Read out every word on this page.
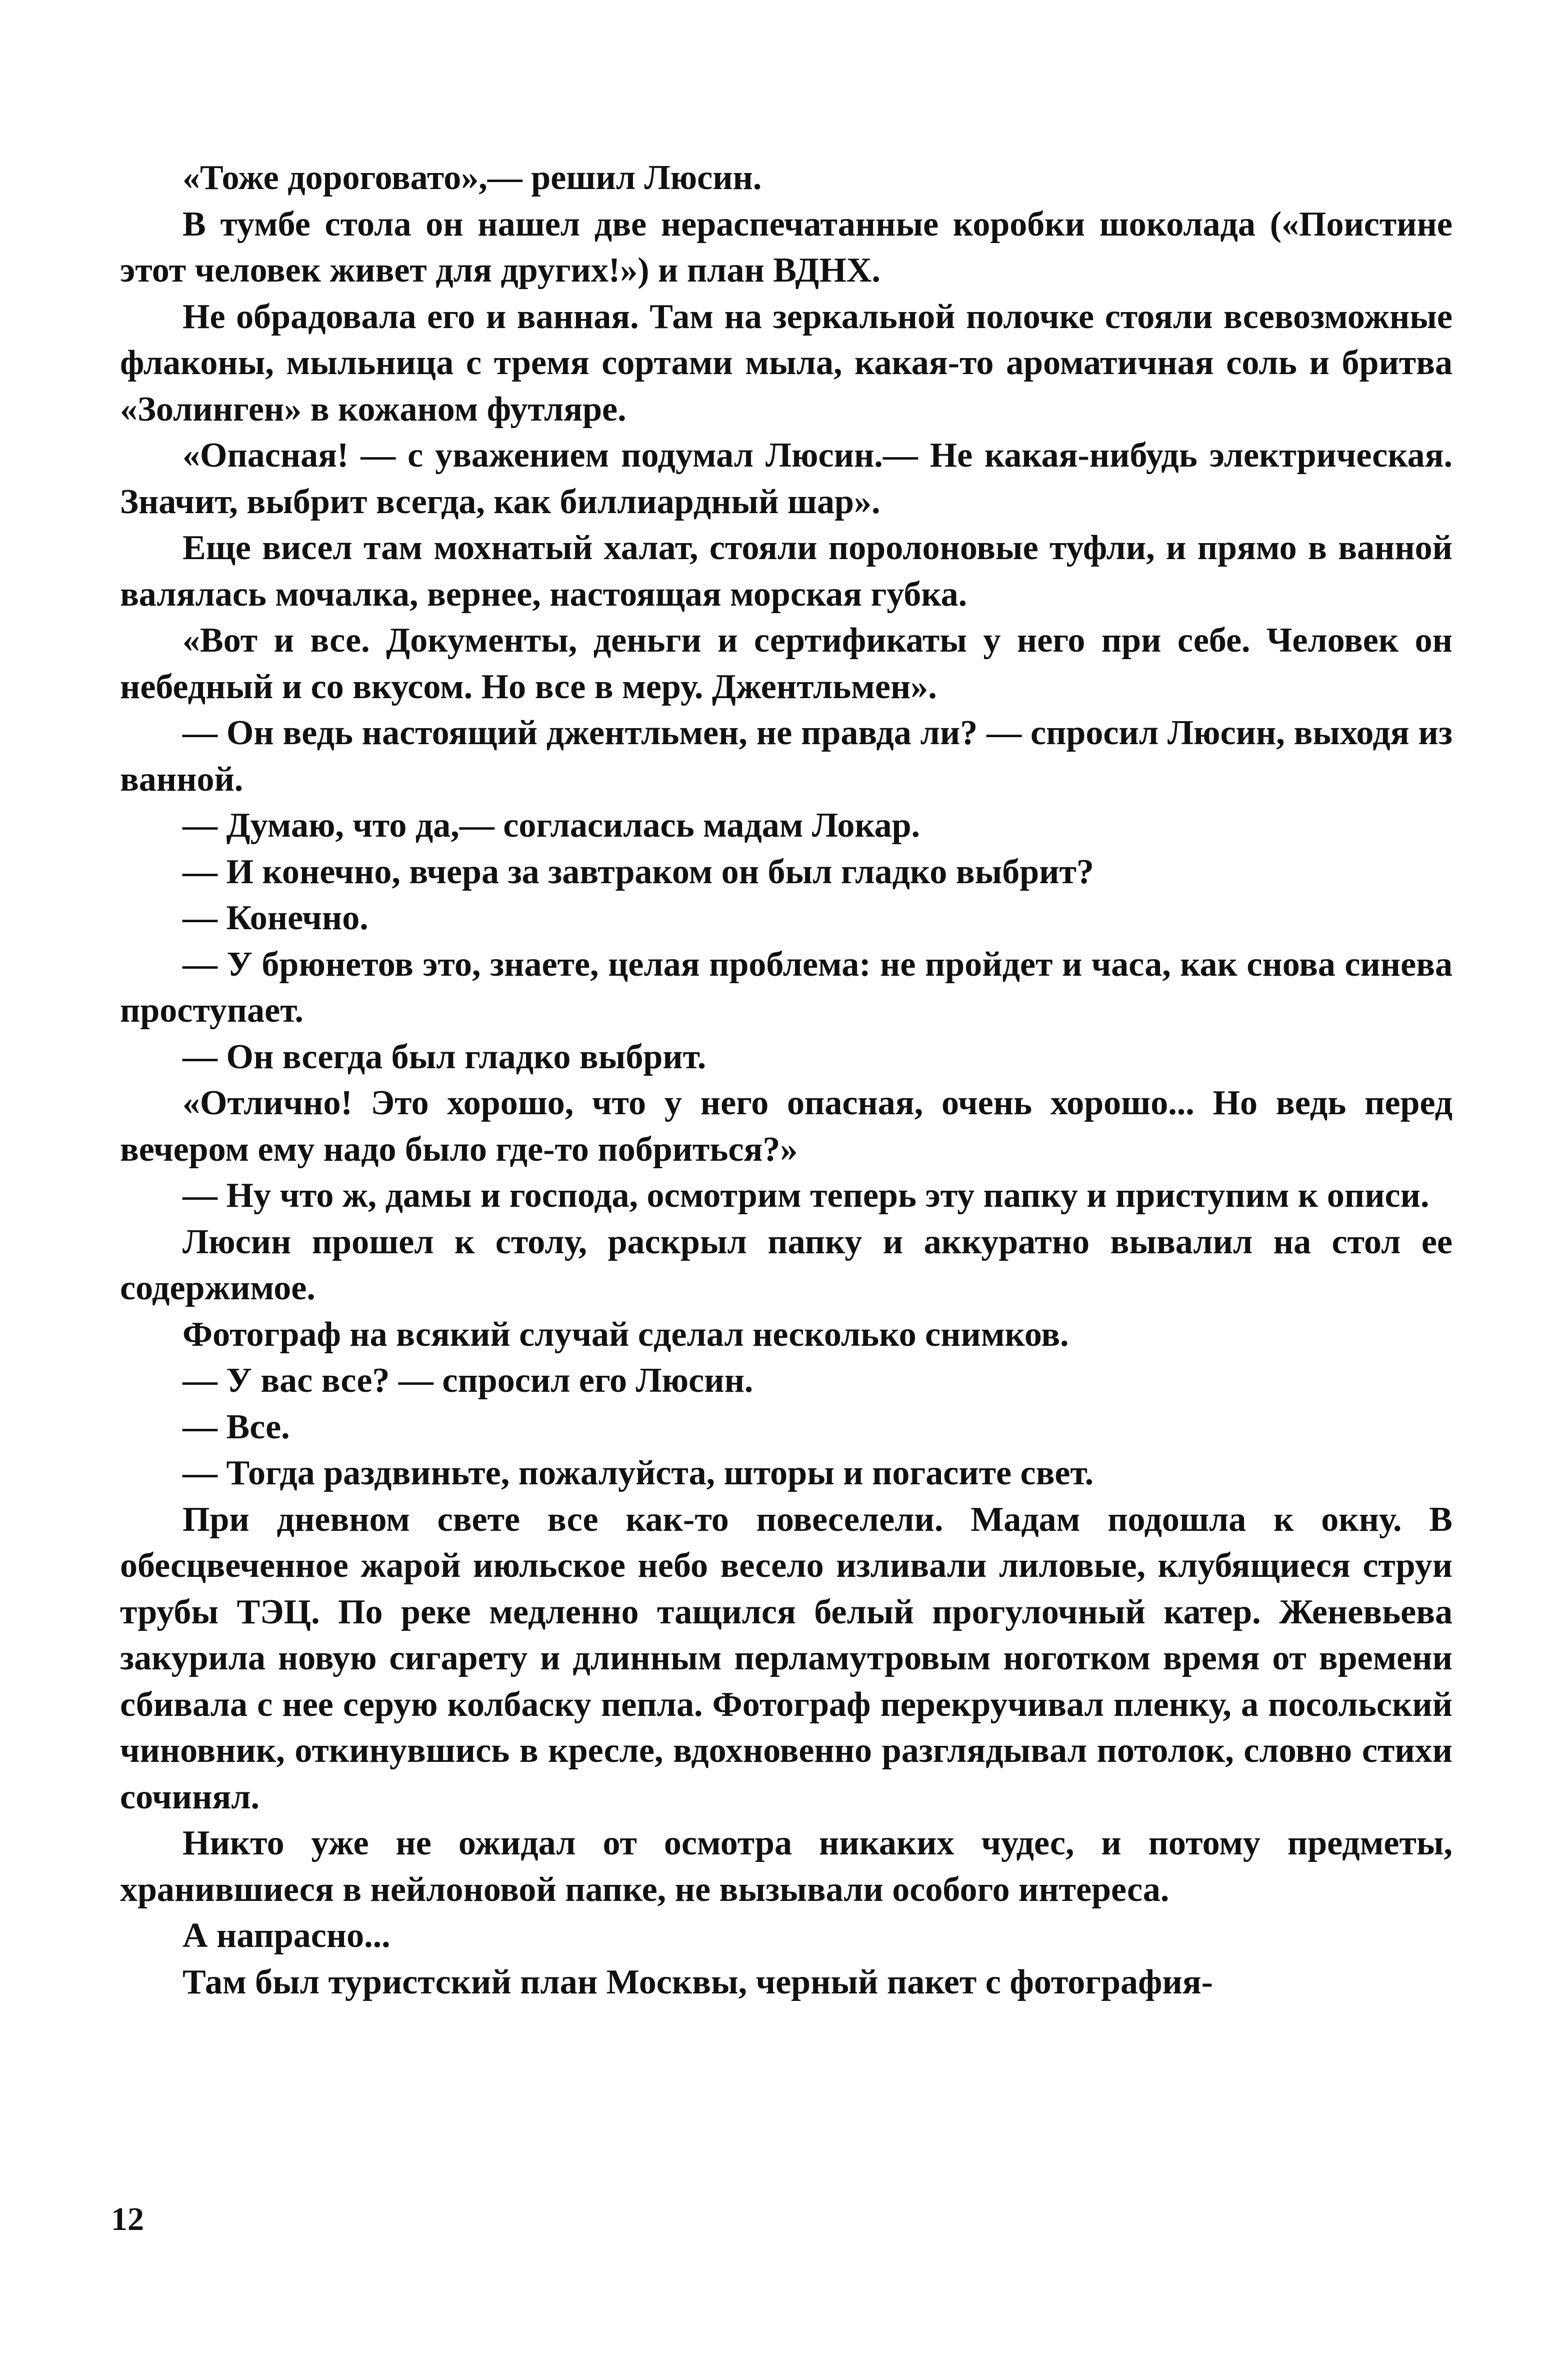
«Тоже дороговато»,— решил Люсин.

В тумбе стола он нашел две нераспечатанные коробки шоколада («Поистине этот человек живет для других!») и план ВДНХ.

Не обрадовала его и ванная. Там на зеркальной полочке стояли всевозможные флаконы, мыльница с тремя сортами мыла, какая-то ароматичная соль и бритва «Золинген» в кожаном футляре.

«Опасная! — с уважением подумал Люсин.— Не какая-нибудь электрическая. Значит, выбрит всегда, как биллиардный шар».

Еще висел там мохнатый халат, стояли поролоновые туфли, и прямо в ванной валялась мочалка, вернее, настоящая морская губка.

«Вот и все. Документы, деньги и сертификаты у него при себе. Человек он небедный и со вкусом. Но все в меру. Джентльмен».

— Он ведь настоящий джентльмен, не правда ли? — спросил Люсин, выходя из ванной.

— Думаю, что да,— согласилась мадам Локар.

— И конечно, вчера за завтраком он был гладко выбрит?

— Конечно.

— У брюнетов это, знаете, целая проблема: не пройдет и часа, как снова синева проступает.

— Он всегда был гладко выбрит.

«Отлично! Это хорошо, что у него опасная, очень хорошо... Но ведь перед вечером ему надо было где-то побриться?»

— Ну что ж, дамы и господа, осмотрим теперь эту папку и приступим к описи.

Люсин прошел к столу, раскрыл папку и аккуратно вывалил на стол ее содержимое.

Фотограф на всякий случай сделал несколько снимков.

— У вас все? — спросил его Люсин.

— Все.

— Тогда раздвиньте, пожалуйста, шторы и погасите свет.

При дневном свете все как-то повеселели. Мадам подошла к окну. В обесцвеченное жарой июльское небо весело изливали лиловые, клубящиеся струи трубы ТЭЦ. По реке медленно тащился белый прогулочный катер. Женевьева закурила новую сигарету и длинным перламутровым ноготком время от времени сбивала с нее серую колбаску пепла. Фотограф перекручивал пленку, а посольский чиновник, откинувшись в кресле, вдохновенно разглядывал потолок, словно стихи сочинял.

Никто уже не ожидал от осмотра никаких чудес, и потому предметы, хранившиеся в нейлоновой папке, не вызывали особого интереса.

А напрасно...

Там был туристский план Москвы, черный пакет с фотография-

12
